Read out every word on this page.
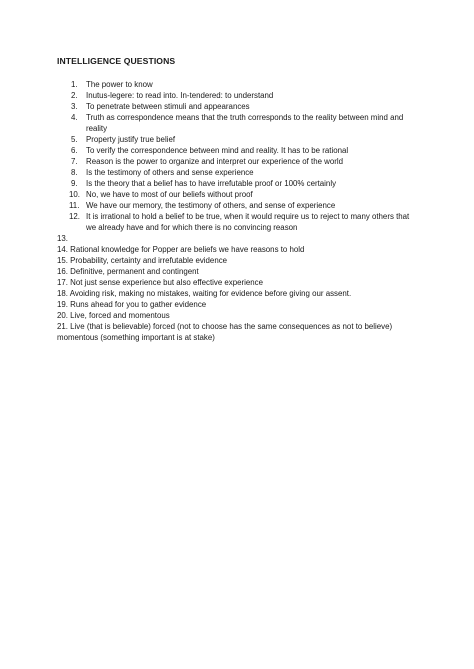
INTELLIGENCE QUESTIONS
1.	The power to know
2.	Inutus-legere: to read into. In-tendered: to understand
3.	To penetrate between stimuli and appearances
4.	Truth as correspondence means that the truth corresponds to the reality between mind and reality
5.	Property justify true belief
6.	To verify the correspondence between mind and reality. It has to be rational
7.	Reason is the power to organize and interpret our experience of the world
8.	Is the testimony of others and sense experience
9.	Is the theory that a belief has to have irrefutable proof or 100% certainly
10. No, we have to most of our beliefs without proof
11. We have our memory, the testimony of others, and sense of experience
12. It is irrational to hold a belief to be true, when it would require us to reject to many others that we already have and for which there is no convincing reason
13.
14. Rational knowledge for Popper are beliefs we have reasons to hold
15. Probability, certainty and irrefutable evidence
16. Definitive, permanent and contingent
17. Not just sense experience but also effective experience
18. Avoiding risk, making no mistakes, waiting for evidence before giving our assent.
19. Runs ahead for you to gather evidence
20. Live, forced and momentous
21. Live (that is believable) forced (not to choose has the same consequences as not to believe) momentous (something important is at stake)
